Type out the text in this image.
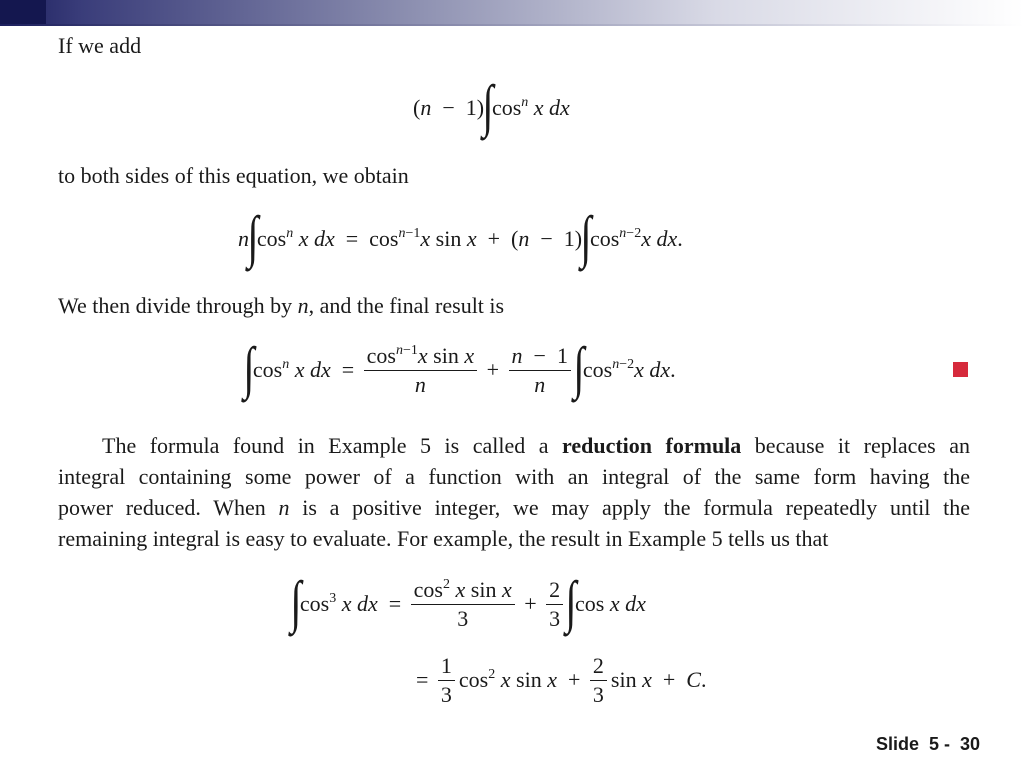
If we add
(n  −  1)
∫
$\cos^n x$ dx
to both sides of this equation, we obtain
n
∫
$\cos^n x$ dx  =  $\cos^{n-1}x$ sin x  +  (n  −  1)
∫
$\cos^{n-2}x$ dx.
We then divide through by n, and the final result is
∫
$\cos^n x$ dx  = $\frac{\cos^{n-1}x \sin x}{n} + \frac{n - 1}{n}$ ∫
$\cos^{n-2}x$ dx.
The formula found in Example 5 is called a reduction formula because it replaces an
integral containing some power of a function with an integral of the same form having the
power reduced. When n is a positive integer, we may apply the formula repeatedly until the
remaining integral is easy to evaluate. For example, the result in Example 5 tells us that
∫
$\cos^3 x$ dx  = $\frac{\cos^2 x \sin x}{3} + \frac{2}{3}$ ∫
cos x dx
= $\frac{1}{3} \cos^2 x$ $\sin x + \frac{2}{3}$ sin x  +  C.
Slide  5 -  30
